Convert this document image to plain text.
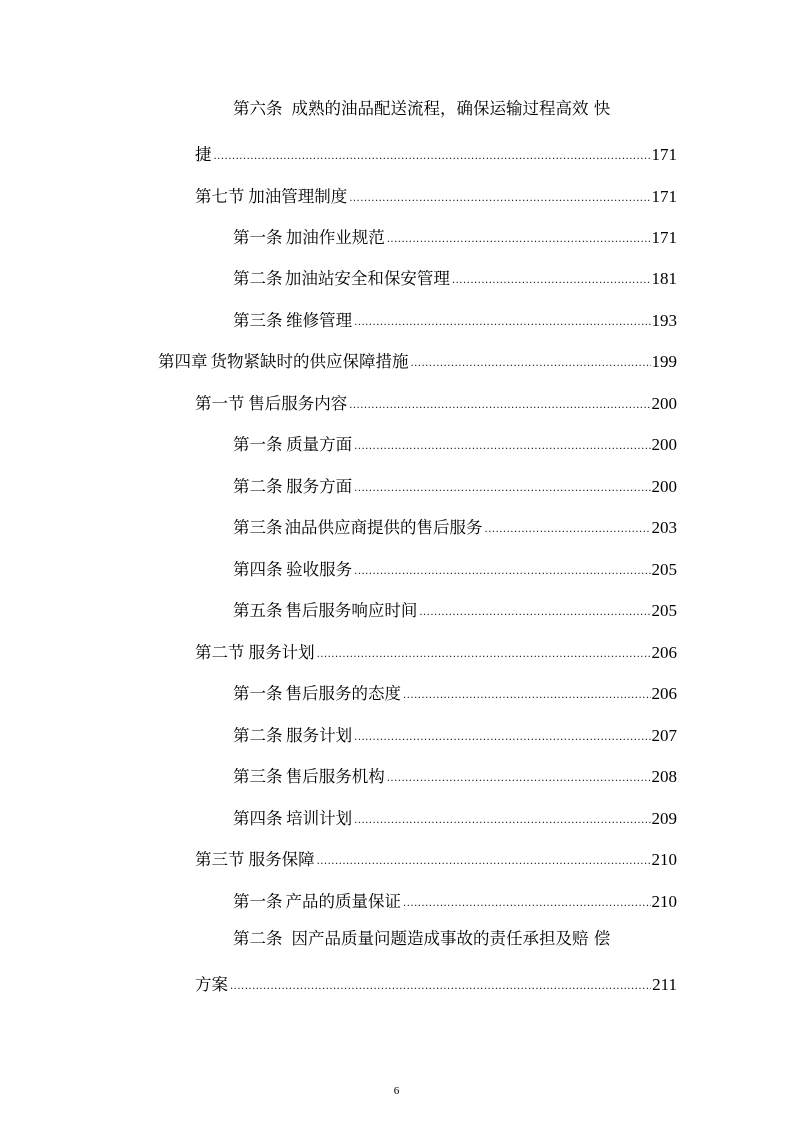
第六条 成熟的油品配送流程，确保运输过程高效 快
捷 .....	171
第七节 加油管理制度 .....	171
第一条 加油作业规范 .....	171
第二条 加油站安全和保安管理 .....	181
第三条 维修管理 .....	193
第四章 货物紧缺时的供应保障措施 .....	199
第一节 售后服务内容 .....	200
第一条 质量方面 .....	200
第二条 服务方面 .....	200
第三条 油品供应商提供的售后服务 .....	203
第四条 验收服务 .....	205
第五条 售后服务响应时间 .....	205
第二节 服务计划 .....	206
第一条 售后服务的态度 .....	206
第二条 服务计划 .....	207
第三条 售后服务机构 .....	208
第四条 培训计划 .....	209
第三节 服务保障 .....	210
第一条 产品的质量保证 .....	210
第二条 因产品质量问题造成事故的责任承担及赔 偿
方案 .....	211
6
